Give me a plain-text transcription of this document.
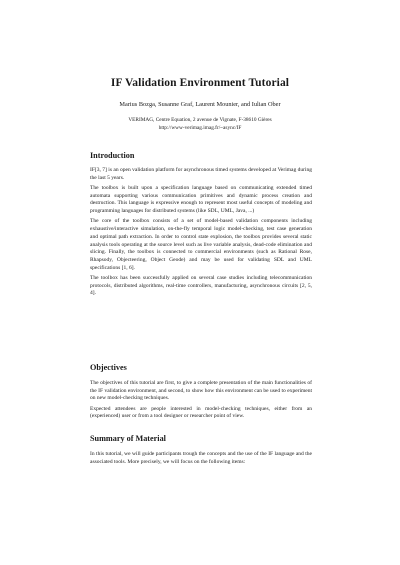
IF Validation Environment Tutorial
Marius Bozga, Susanne Graf, Laurent Mounier, and Iulian Ober
VERIMAG, Centre Equation, 2 avenue de Vignate, F-38610 Gières
http://www-verimag.imag.fr/~async/IF
Introduction

IF[3, 7] is an open validation platform for asynchronous timed systems developed at Verimag during the last 5 years.

The toolbox is built upon a specification language based on communicating extended timed automata supporting various communication primitives and dynamic process creation and destruction. This language is expressive enough to represent most useful concepts of modeling and programming languages for distributed systems (like SDL, UML, Java, ...)

The core of the toolbox consists of a set of model-based validation components including exhaustive/interactive simulation, on-the-fly temporal logic model-checking, test case generation and optimal path extraction. In order to control state explosion, the toolbox provides several static analysis tools operating at the source level such as live variable analysis, dead-code elimination and slicing. Finally, the toolbox is connected to commercial environments (such as Rational Rose, Rhapsody, Objecteering, Object Geode) and may be used for validating SDL and UML specifications [1, 6].

The toolbox has been successfully applied on several case studies including telecommunication protocols, distributed algorithms, real-time controllers, manufacturing, asynchronous circuits [2, 5, 4].

Objectives

The objectives of this tutorial are first, to give a complete presentation of the main functionalities of the IF validation environment, and second, to show how this environment can be used to experiment on new model-checking techniques.

Expected attendees are people interested in model-checking techniques, either from an (experienced) user or from a tool designer or researcher point of view.

Summary of Material

In this tutorial, we will guide participants trough the concepts and the use of the IF language and the associated tools. More precisely, we will focus on the following items:
